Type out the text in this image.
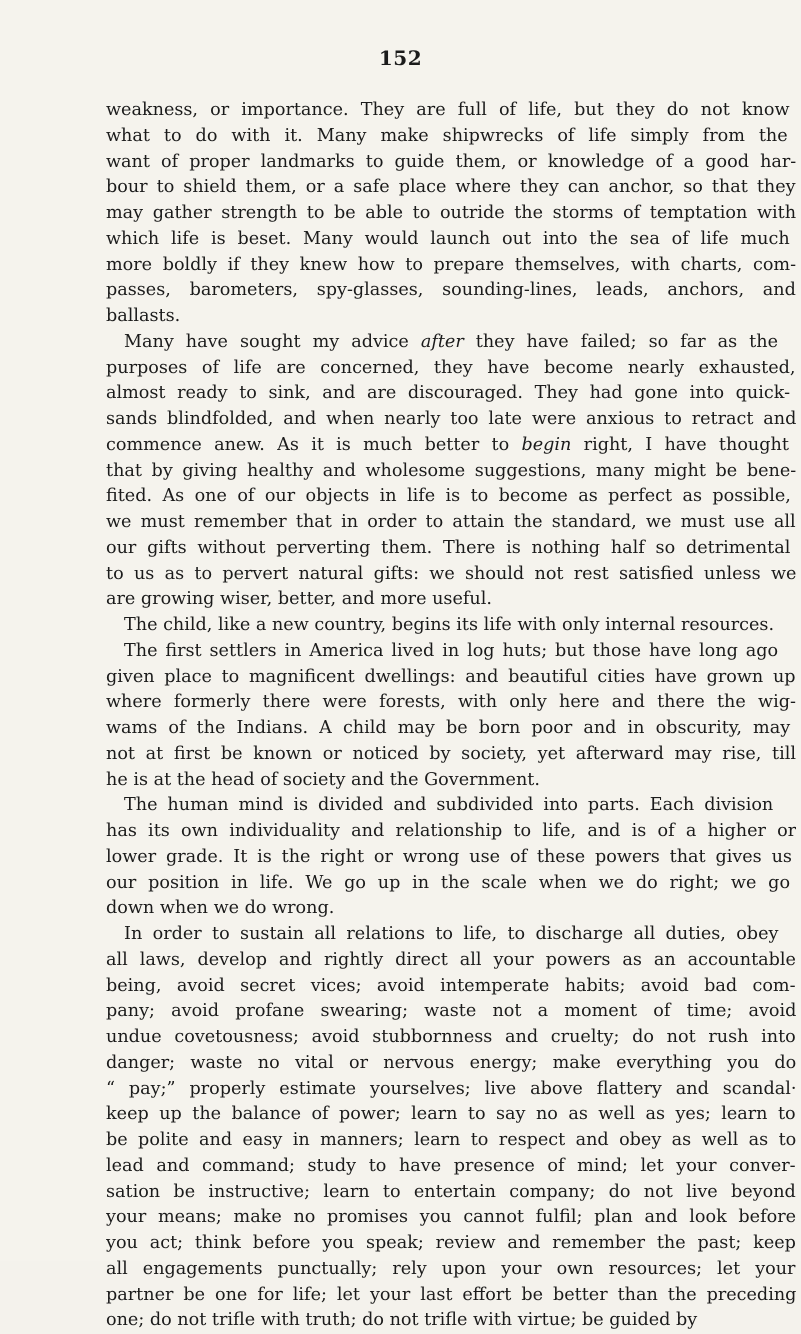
152
weakness, or importance. They are full of life, but they do not know
what to do with it. Many make shipwrecks of life simply from the
want of proper landmarks to guide them, or knowledge of a good har-
bour to shield them, or a safe place where they can anchor, so that they
may gather strength to be able to outride the storms of temptation with
which life is beset. Many would launch out into the sea of life much
more boldly if they knew how to prepare themselves, with charts, com-
passes, barometers, spy-glasses, sounding-lines, leads, anchors, and
ballasts.
Many have sought my advice after they have failed; so far as the
purposes of life are concerned, they have become nearly exhausted,
almost ready to sink, and are discouraged. They had gone into quick-
sands blindfolded, and when nearly too late were anxious to retract and
commence anew. As it is much better to begin right, I have thought
that by giving healthy and wholesome suggestions, many might be bene-
fited. As one of our objects in life is to become as perfect as possible,
we must remember that in order to attain the standard, we must use all
our gifts without perverting them. There is nothing half so detrimental
to us as to pervert natural gifts: we should not rest satisfied unless we
are growing wiser, better, and more useful.
The child, like a new country, begins its life with only internal resources.
The first settlers in America lived in log huts; but those have long ago
given place to magnificent dwellings: and beautiful cities have grown up
where formerly there were forests, with only here and there the wig-
wams of the Indians. A child may be born poor and in obscurity, may
not at first be known or noticed by society, yet afterward may rise, till
he is at the head of society and the Government.
The human mind is divided and subdivided into parts. Each division
has its own individuality and relationship to life, and is of a higher or
lower grade. It is the right or wrong use of these powers that gives us
our position in life. We go up in the scale when we do right; we go
down when we do wrong.
In order to sustain all relations to life, to discharge all duties, obey
all laws, develop and rightly direct all your powers as an accountable
being, avoid secret vices; avoid intemperate habits; avoid bad com-
pany; avoid profane swearing; waste not a moment of time; avoid
undue covetousness; avoid stubbornness and cruelty; do not rush into
danger; waste no vital or nervous energy; make everything you do
“ pay;” properly estimate yourselves; live above flattery and scandal·
keep up the balance of power; learn to say no as well as yes; learn to
be polite and easy in manners; learn to respect and obey as well as to
lead and command; study to have presence of mind; let your conver-
sation be instructive; learn to entertain company; do not live beyond
your means; make no promises you cannot fulfil; plan and look before
you act; think before you speak; review and remember the past; keep
all engagements punctually; rely upon your own resources; let your
partner be one for life; let your last effort be better than the preceding
one; do not trifle with truth; do not trifle with virtue; be guided by
